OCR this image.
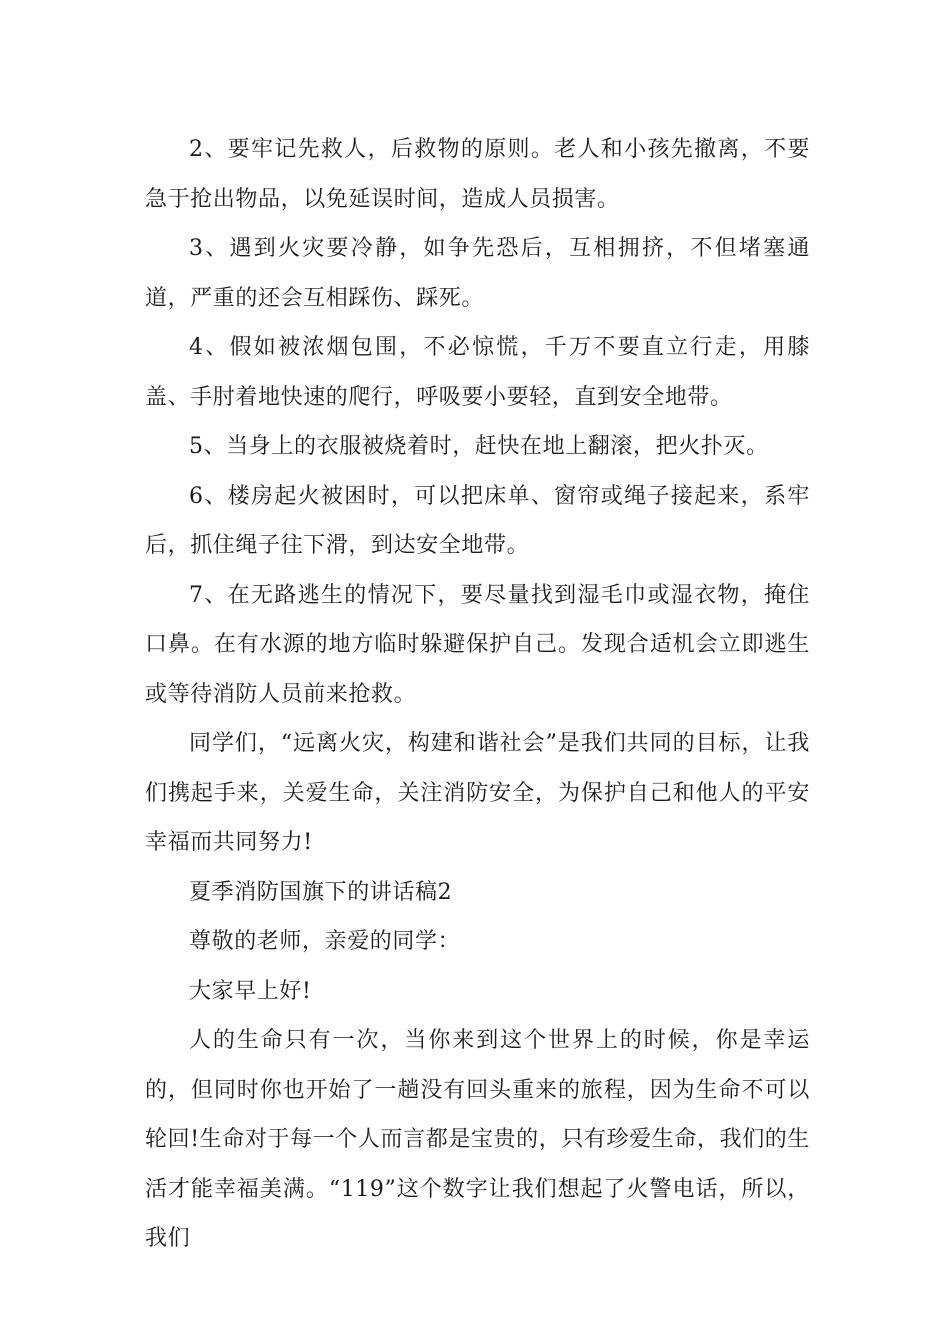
2、要牢记先救人，后救物的原则。老人和小孩先撤离，不要急于抢出物品，以免延误时间，造成人员损害。

3、遇到火灾要冷静，如争先恐后，互相拥挤，不但堵塞通道，严重的还会互相踩伤、踩死。

4、假如被浓烟包围，不必惊慌，千万不要直立行走，用膝盖、手肘着地快速的爬行，呼吸要小要轻，直到安全地带。

5、当身上的衣服被烧着时，赶快在地上翻滚，把火扑灭。

6、楼房起火被困时，可以把床单、窗帘或绳子接起来，系牢后，抓住绳子往下滑，到达安全地带。

7、在无路逃生的情况下，要尽量找到湿毛巾或湿衣物，掩住口鼻。在有水源的地方临时躲避保护自己。发现合适机会立即逃生或等待消防人员前来抢救。

同学们，“远离火灾，构建和谐社会”是我们共同的目标，让我们携起手来，关爱生命，关注消防安全，为保护自己和他人的平安幸福而共同努力!

夏季消防国旗下的讲话稿2

尊敬的老师，亲爱的同学：

大家早上好!

人的生命只有一次，当你来到这个世界上的时候，你是幸运的，但同时你也开始了一趟没有回头重来的旅程，因为生命不可以轮回!生命对于每一个人而言都是宝贵的，只有珍爱生命，我们的生活才能幸福美满。“119”这个数字让我们想起了火警电话，所以，我们
